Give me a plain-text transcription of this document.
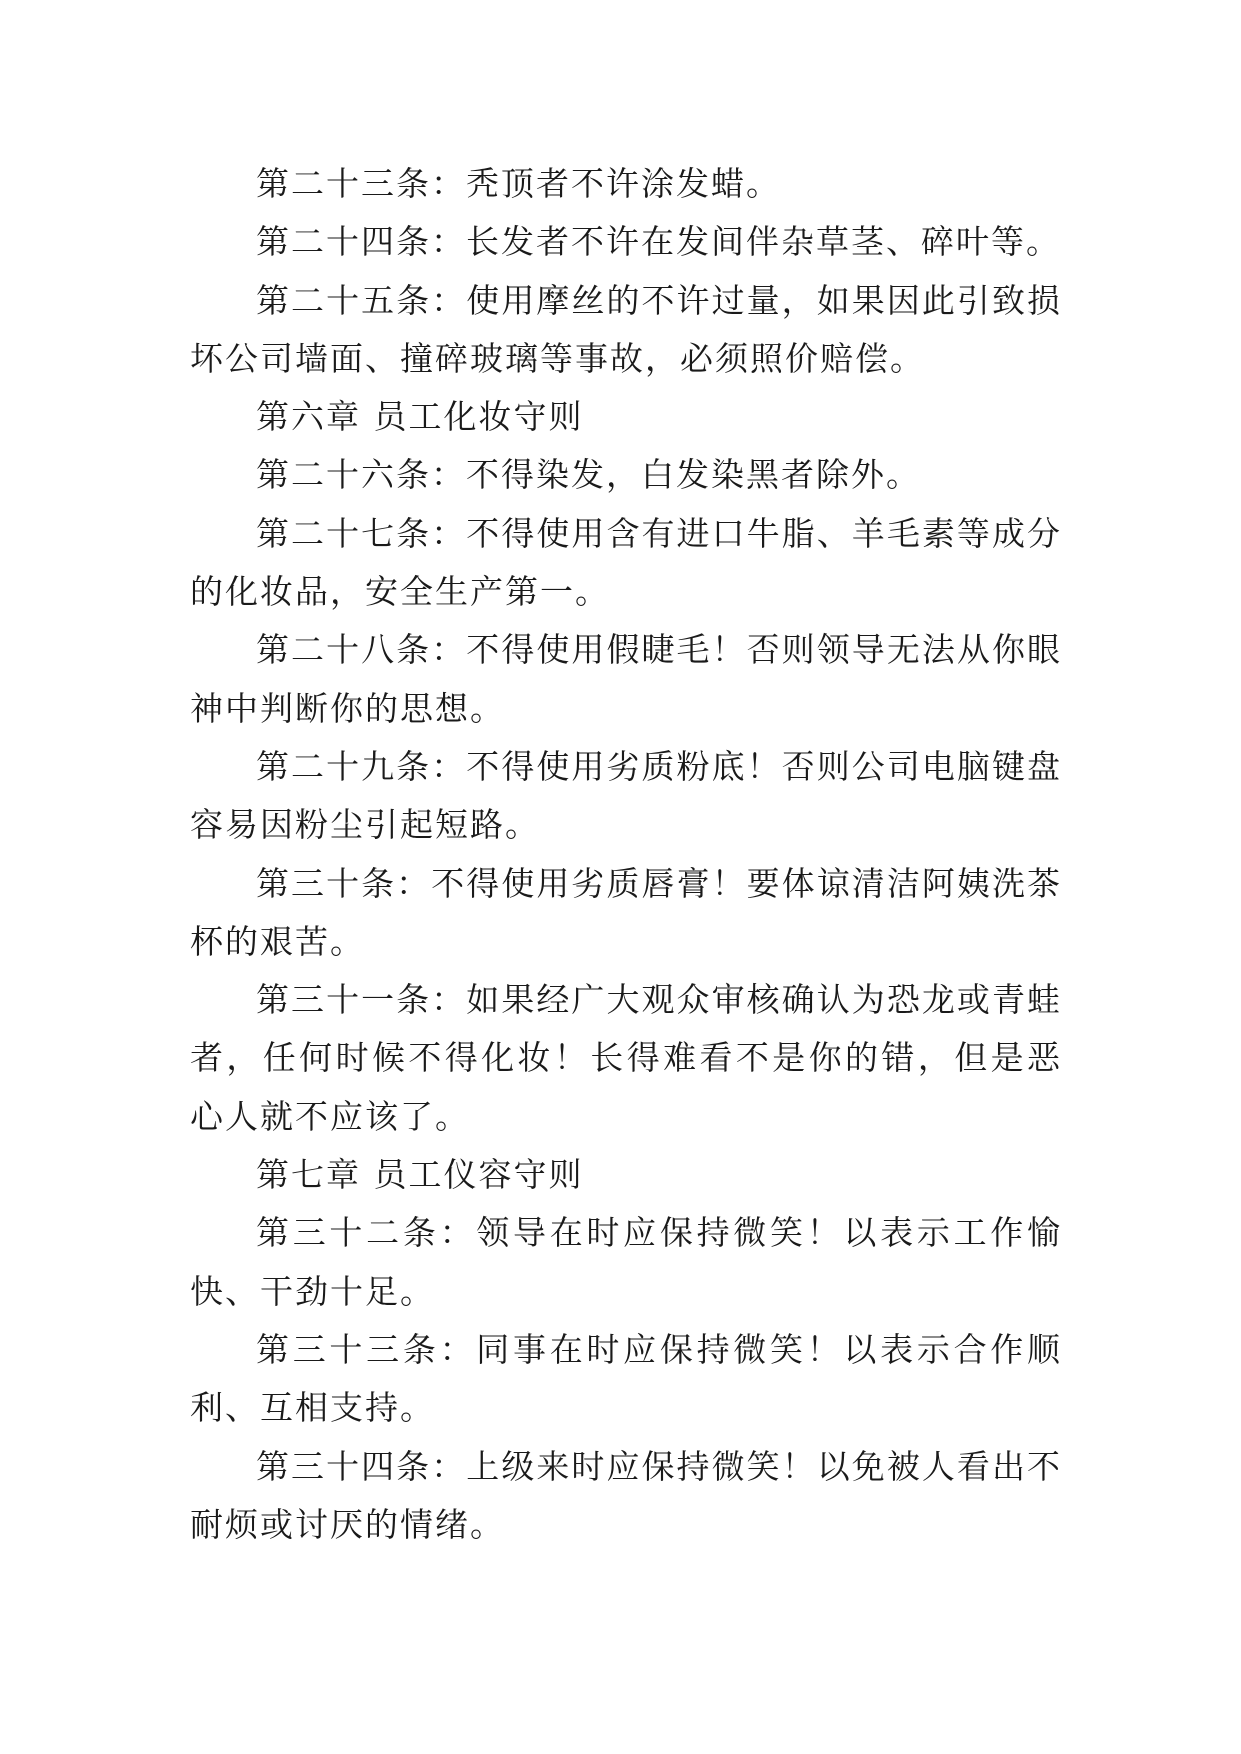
第二十三条：秃顶者不许涂发蜡。

第二十四条：长发者不许在发间伴杂草茎、碎叶等。

第二十五条：使用摩丝的不许过量，如果因此引致损坏公司墙面、撞碎玻璃等事故，必须照价赔偿。

第六章 员工化妆守则

第二十六条：不得染发，白发染黑者除外。

第二十七条：不得使用含有进口牛脂、羊毛素等成分的化妆品，安全生产第一。

第二十八条：不得使用假睫毛！否则领导无法从你眼神中判断你的思想。

第二十九条：不得使用劣质粉底！否则公司电脑键盘容易因粉尘引起短路。

第三十条：不得使用劣质唇膏！要体谅清洁阿姨洗茶杯的艰苦。

第三十一条：如果经广大观众审核确认为恐龙或青蛙者，任何时候不得化妆！长得难看不是你的错，但是恶心人就不应该了。

第七章 员工仪容守则

第三十二条：领导在时应保持微笑！以表示工作愉快、干劲十足。

第三十三条：同事在时应保持微笑！以表示合作顺利、互相支持。

第三十四条：上级来时应保持微笑！以免被人看出不耐烦或讨厌的情绪。
